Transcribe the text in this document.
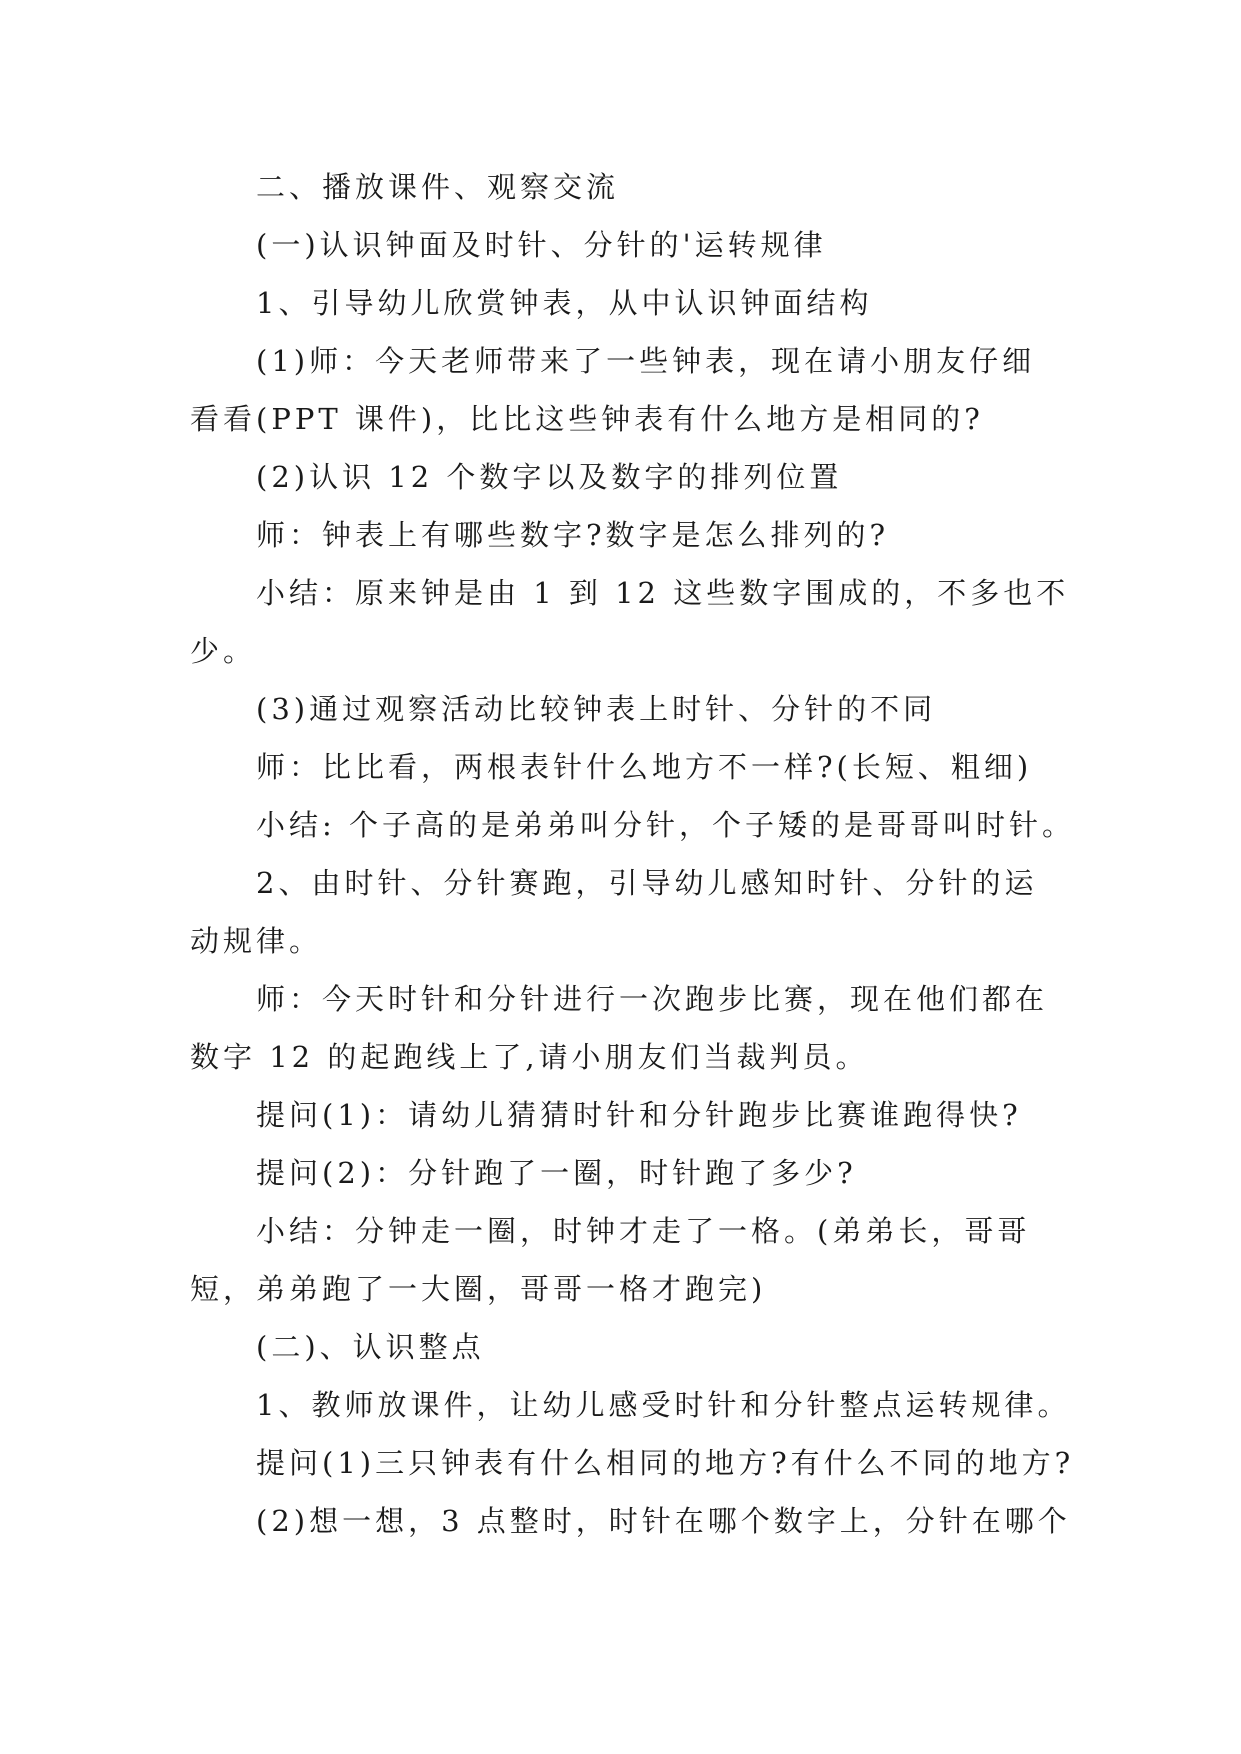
二、播放课件、观察交流
(一)认识钟面及时针、分针的'运转规律
1、引导幼儿欣赏钟表，从中认识钟面结构
(1)师：今天老师带来了一些钟表，现在请小朋友仔细
看看(PPT 课件)，比比这些钟表有什么地方是相同的?
(2)认识 12 个数字以及数字的排列位置
师：钟表上有哪些数字?数字是怎么排列的?
小结：原来钟是由 1 到 12 这些数字围成的，不多也不
少。
(3)通过观察活动比较钟表上时针、分针的不同
师：比比看，两根表针什么地方不一样?(长短、粗细)
小结: 个子高的是弟弟叫分针，个子矮的是哥哥叫时针。
2、由时针、分针赛跑，引导幼儿感知时针、分针的运
动规律。
师：今天时针和分针进行一次跑步比赛，现在他们都在
数字 12 的起跑线上了,请小朋友们当裁判员。
提问(1)：请幼儿猜猜时针和分针跑步比赛谁跑得快?
提问(2)：分针跑了一圈，时针跑了多少?
小结：分钟走一圈，时钟才走了一格。(弟弟长，哥哥
短，弟弟跑了一大圈，哥哥一格才跑完)
(二)、认识整点
1、教师放课件，让幼儿感受时针和分针整点运转规律。
提问(1)三只钟表有什么相同的地方?有什么不同的地方?
(2)想一想，3 点整时，时针在哪个数字上，分针在哪个
